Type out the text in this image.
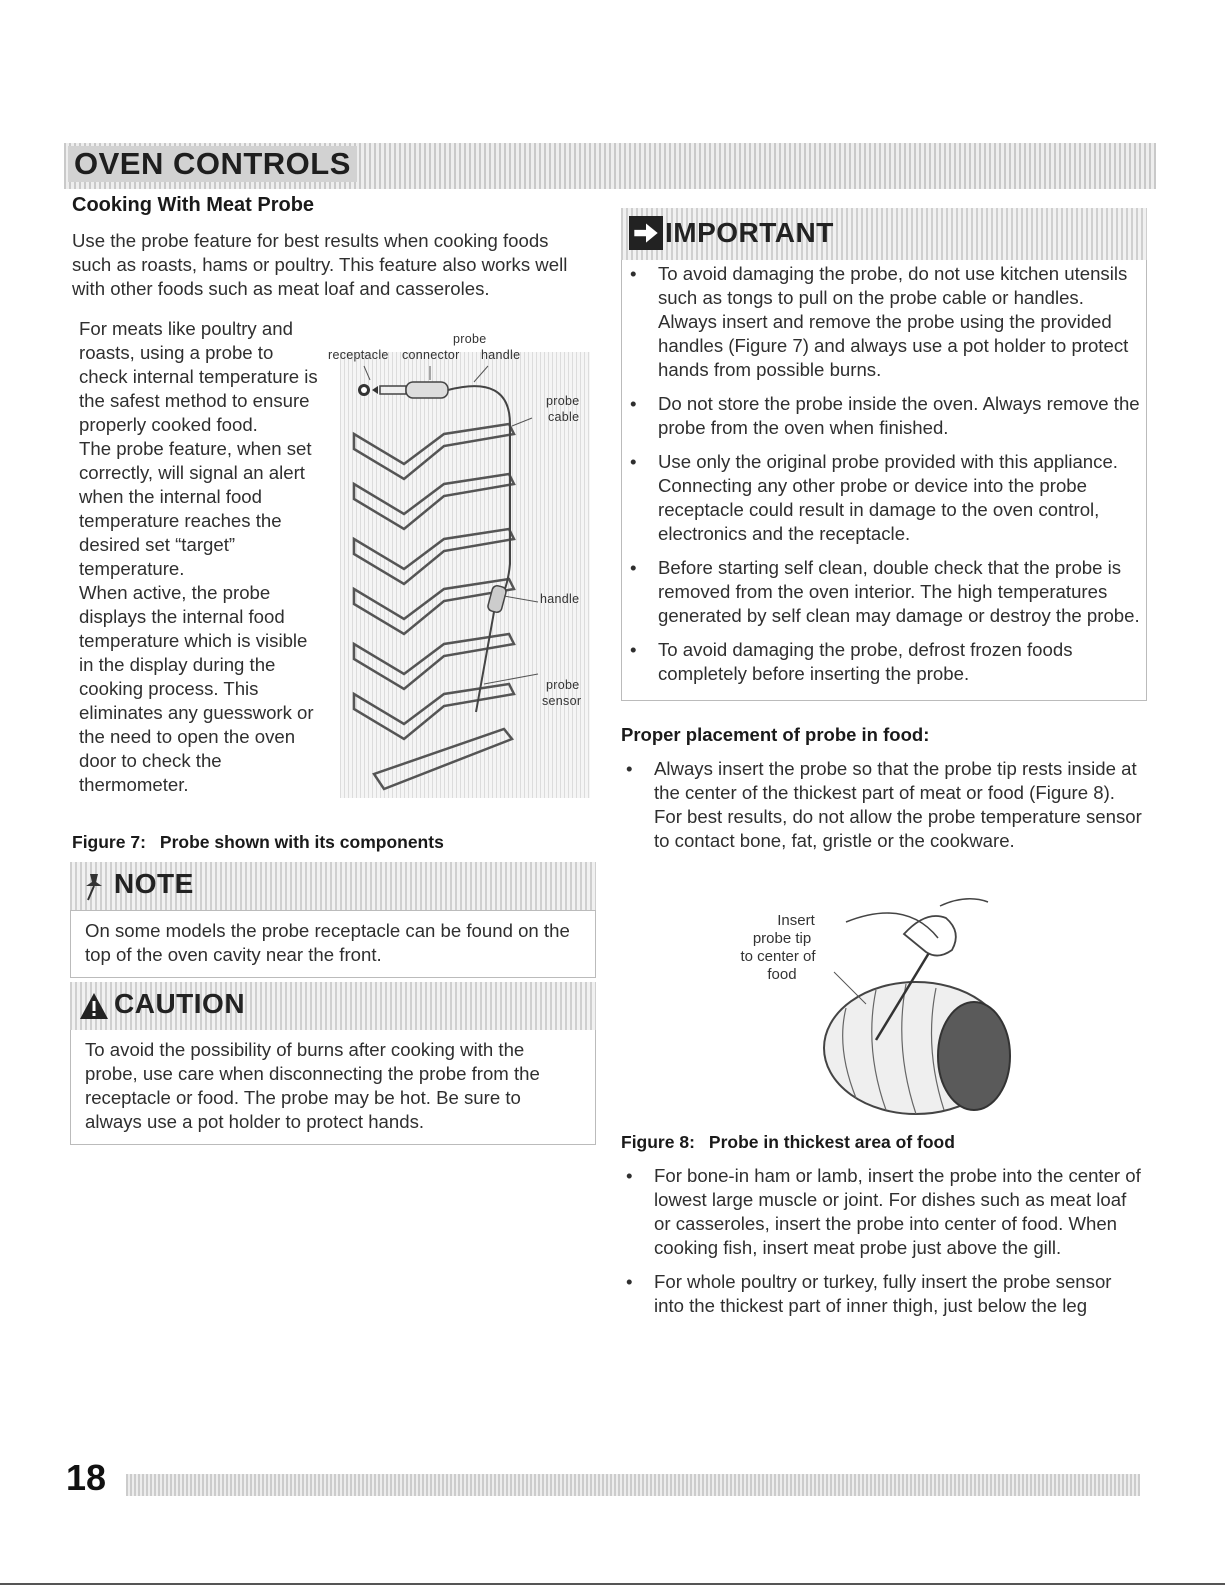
OVEN CONTROLS
Cooking With Meat Probe
Use the probe feature for best results when cooking foods such as roasts, hams or poultry. This feature also works well with other foods such as meat loaf and casseroles.
For meats like poultry and roasts, using a probe to check internal temperature is the safest method to ensure properly cooked food.
The probe feature, when set correctly, will signal an alert when the internal food temperature reaches the desired set “target” temperature.
When active, the probe displays the internal food temperature which is visible in the display during the cooking process. This eliminates any guesswork or the need to open the oven door to check the thermometer.
probe
receptacle connector handle
probe
cable
handle
probe
sensor
Figure 7: Probe shown with its components
NOTE
On some models the probe receptacle can be found on the top of the oven cavity near the front.
CAUTION
To avoid the possibility of burns after cooking with the probe, use care when disconnecting the probe from the receptacle or food. The probe may be hot. Be sure to always use a pot holder to protect hands.
IMPORTANT
• To avoid damaging the probe, do not use kitchen utensils such as tongs to pull on the probe cable or handles. Always insert and remove the probe using the provided handles (Figure 7) and always use a pot holder to protect hands from possible burns.
• Do not store the probe inside the oven. Always remove the probe from the oven when finished.
• Use only the original probe provided with this appliance. Connecting any other probe or device into the probe receptacle could result in damage to the oven control, electronics and the receptacle.
• Before starting self clean, double check that the probe is removed from the oven interior. The high temperatures generated by self clean may damage or destroy the probe.
• To avoid damaging the probe, defrost frozen foods completely before inserting the probe.
Proper placement of probe in food:
• Always insert the probe so that the probe tip rests inside at the center of the thickest part of meat or food (Figure 8). For best results, do not allow the probe temperature sensor to contact bone, fat, gristle or the cookware.
Insert
probe tip
to center of
food
Figure 8: Probe in thickest area of food
• For bone-in ham or lamb, insert the probe into the center of lowest large muscle or joint. For dishes such as meat loaf or casseroles, insert the probe into center of food. When cooking fish, insert meat probe just above the gill.
• For whole poultry or turkey, fully insert the probe sensor into the thickest part of inner thigh, just below the leg
18
